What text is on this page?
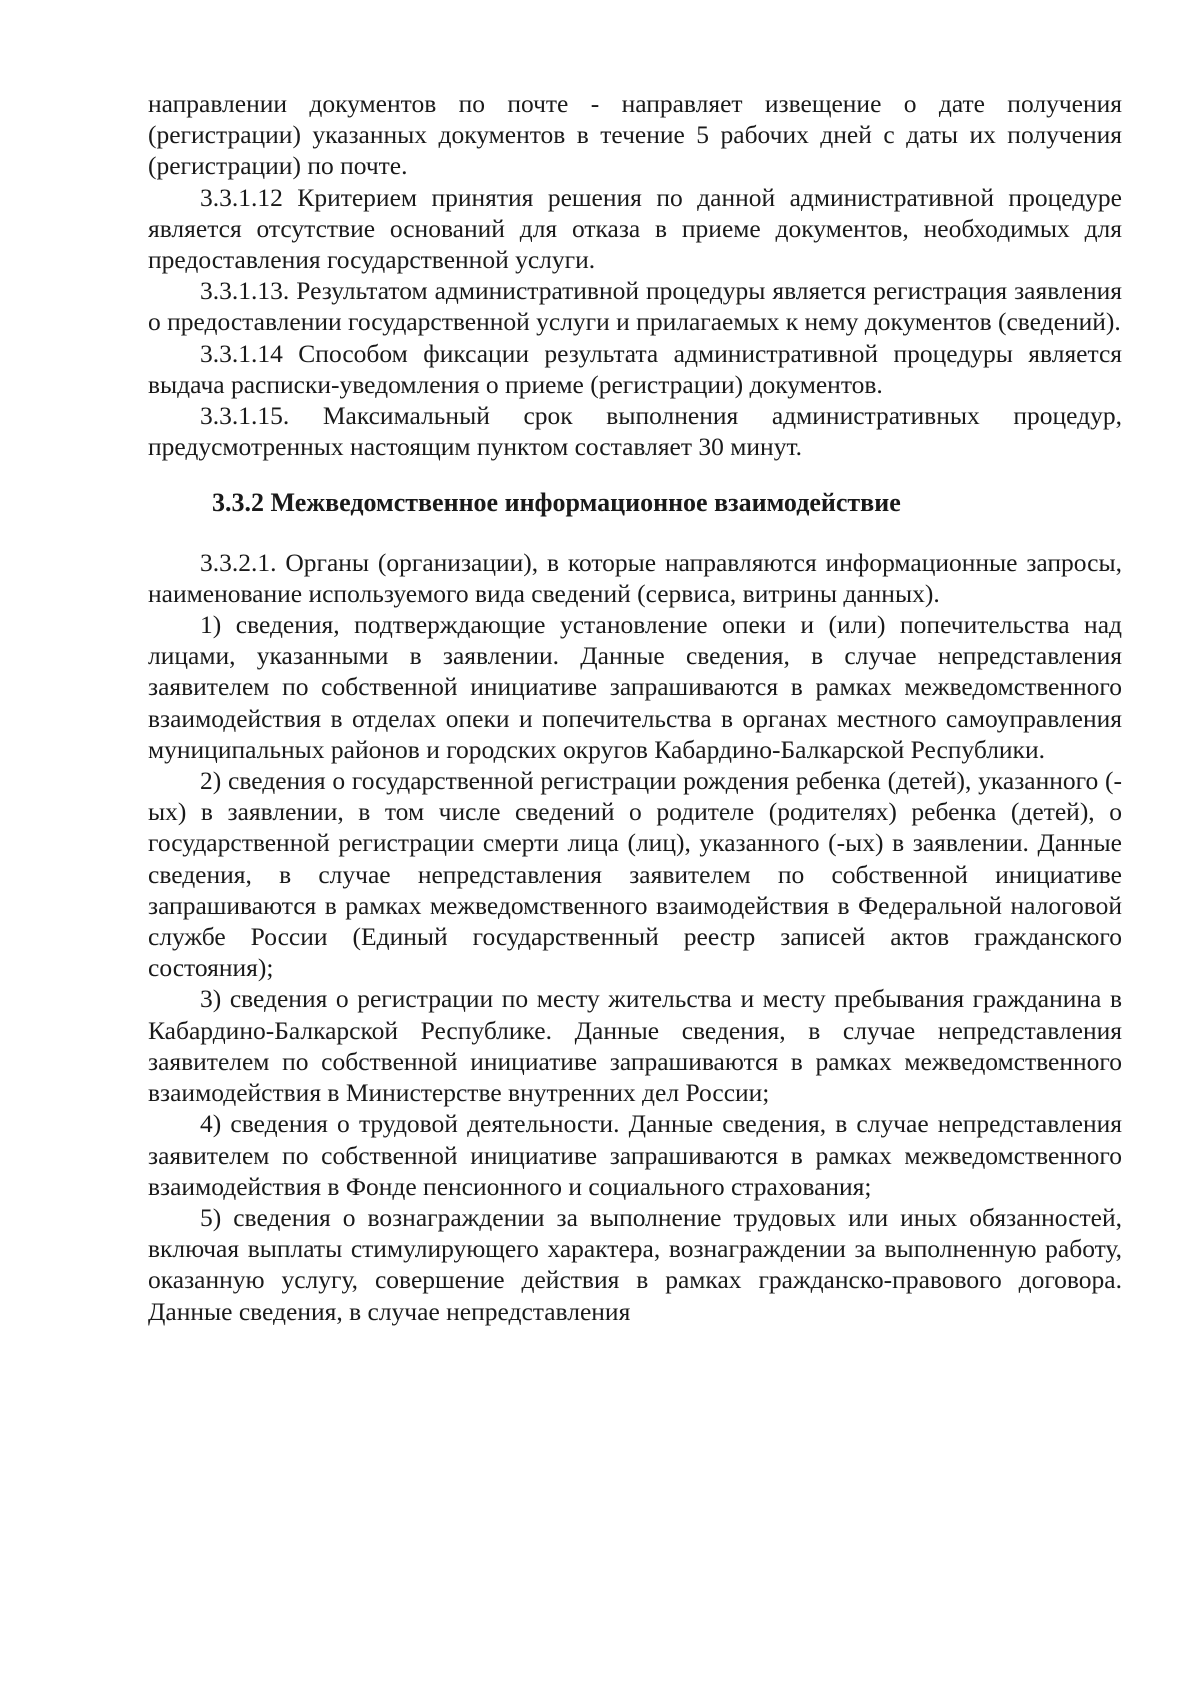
направлении документов по почте - направляет извещение о дате получения (регистрации) указанных документов в течение 5 рабочих дней с даты их получения (регистрации) по почте.

3.3.1.12 Критерием принятия решения по данной административной процедуре является отсутствие оснований для отказа в приеме документов, необходимых для предоставления государственной услуги.

3.3.1.13. Результатом административной процедуры является регистрация заявления о предоставлении государственной услуги и прилагаемых к нему документов (сведений).

3.3.1.14 Способом фиксации результата административной процедуры является выдача расписки-уведомления о приеме (регистрации) документов.

3.3.1.15. Максимальный срок выполнения административных процедур, предусмотренных настоящим пунктом составляет 30 минут.

3.3.2 Межведомственное информационное взаимодействие

3.3.2.1. Органы (организации), в которые направляются информационные запросы, наименование используемого вида сведений (сервиса, витрины данных).

1) сведения, подтверждающие установление опеки и (или) попечительства над лицами, указанными в заявлении. Данные сведения, в случае непредставления заявителем по собственной инициативе запрашиваются в рамках межведомственного взаимодействия в отделах опеки и попечительства в органах местного самоуправления муниципальных районов и городских округов Кабардино-Балкарской Республики.

2) сведения о государственной регистрации рождения ребенка (детей), указанного (-ых) в заявлении, в том числе сведений о родителе (родителях) ребенка (детей), о государственной регистрации смерти лица (лиц), указанного (-ых) в заявлении. Данные сведения, в случае непредставления заявителем по собственной инициативе запрашиваются в рамках межведомственного взаимодействия в Федеральной налоговой службе России (Единый государственный реестр записей актов гражданского состояния);

3) сведения о регистрации по месту жительства и месту пребывания гражданина в Кабардино-Балкарской Республике. Данные сведения, в случае непредставления заявителем по собственной инициативе запрашиваются в рамках межведомственного взаимодействия в Министерстве внутренних дел России;

4) сведения о трудовой деятельности. Данные сведения, в случае непредставления заявителем по собственной инициативе запрашиваются в рамках межведомственного взаимодействия в Фонде пенсионного и социального страхования;

5) сведения о вознаграждении за выполнение трудовых или иных обязанностей, включая выплаты стимулирующего характера, вознаграждении за выполненную работу, оказанную услугу, совершение действия в рамках гражданско-правового договора. Данные сведения, в случае непредставления
